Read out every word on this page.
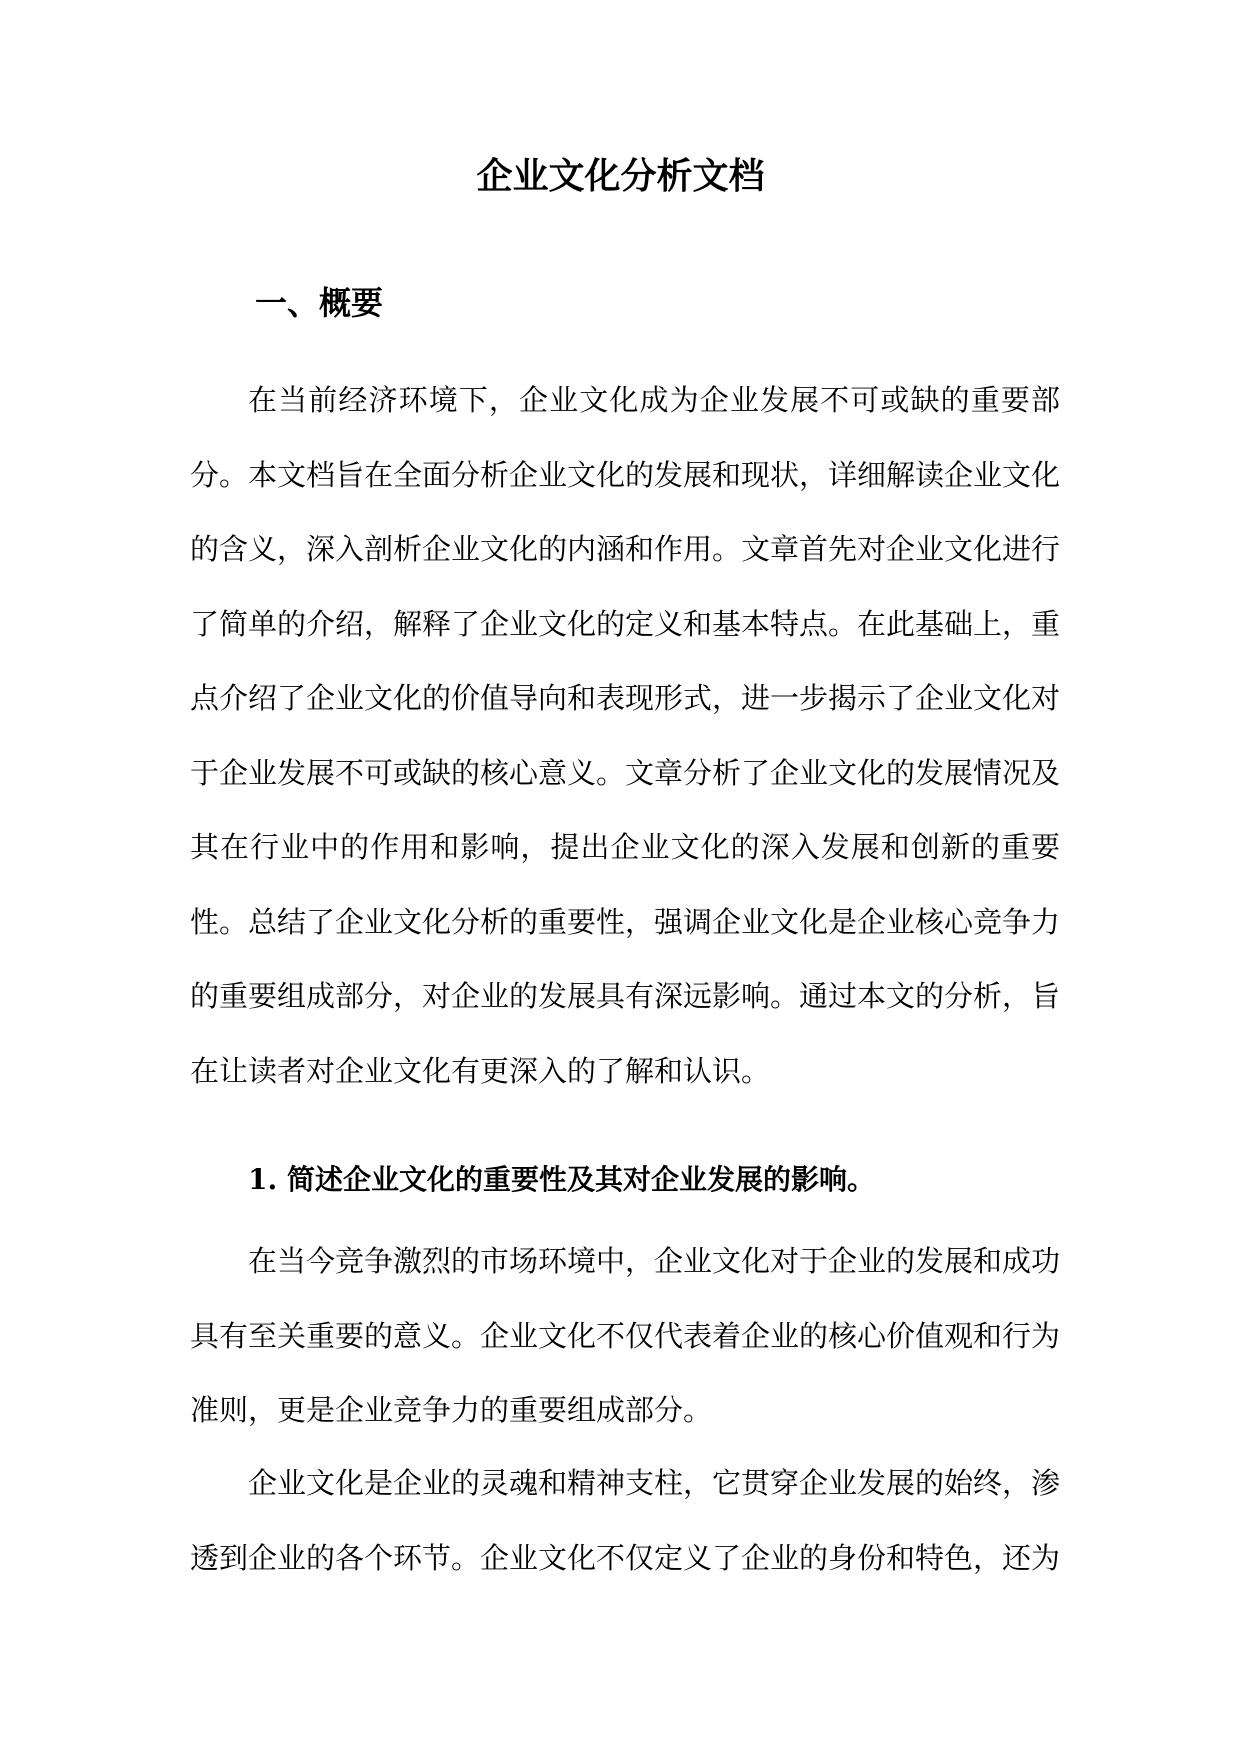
企业文化分析文档
一、概要

在当前经济环境下，企业文化成为企业发展不可或缺的重要部分。本文档旨在全面分析企业文化的发展和现状，详细解读企业文化的含义，深入剖析企业文化的内涵和作用。文章首先对企业文化进行了简单的介绍，解释了企业文化的定义和基本特点。在此基础上，重点介绍了企业文化的价值导向和表现形式，进一步揭示了企业文化对于企业发展不可或缺的核心意义。文章分析了企业文化的发展情况及其在行业中的作用和影响，提出企业文化的深入发展和创新的重要性。总结了企业文化分析的重要性，强调企业文化是企业核心竞争力的重要组成部分，对企业的发展具有深远影响。通过本文的分析，旨在让读者对企业文化有更深入的了解和认识。

1. 简述企业文化的重要性及其对企业发展的影响。

在当今竞争激烈的市场环境中，企业文化对于企业的发展和成功具有至关重要的意义。企业文化不仅代表着企业的核心价值观和行为准则，更是企业竞争力的重要组成部分。

企业文化是企业的灵魂和精神支柱，它贯穿企业发展的始终，渗透到企业的各个环节。企业文化不仅定义了企业的身份和特色，还为
